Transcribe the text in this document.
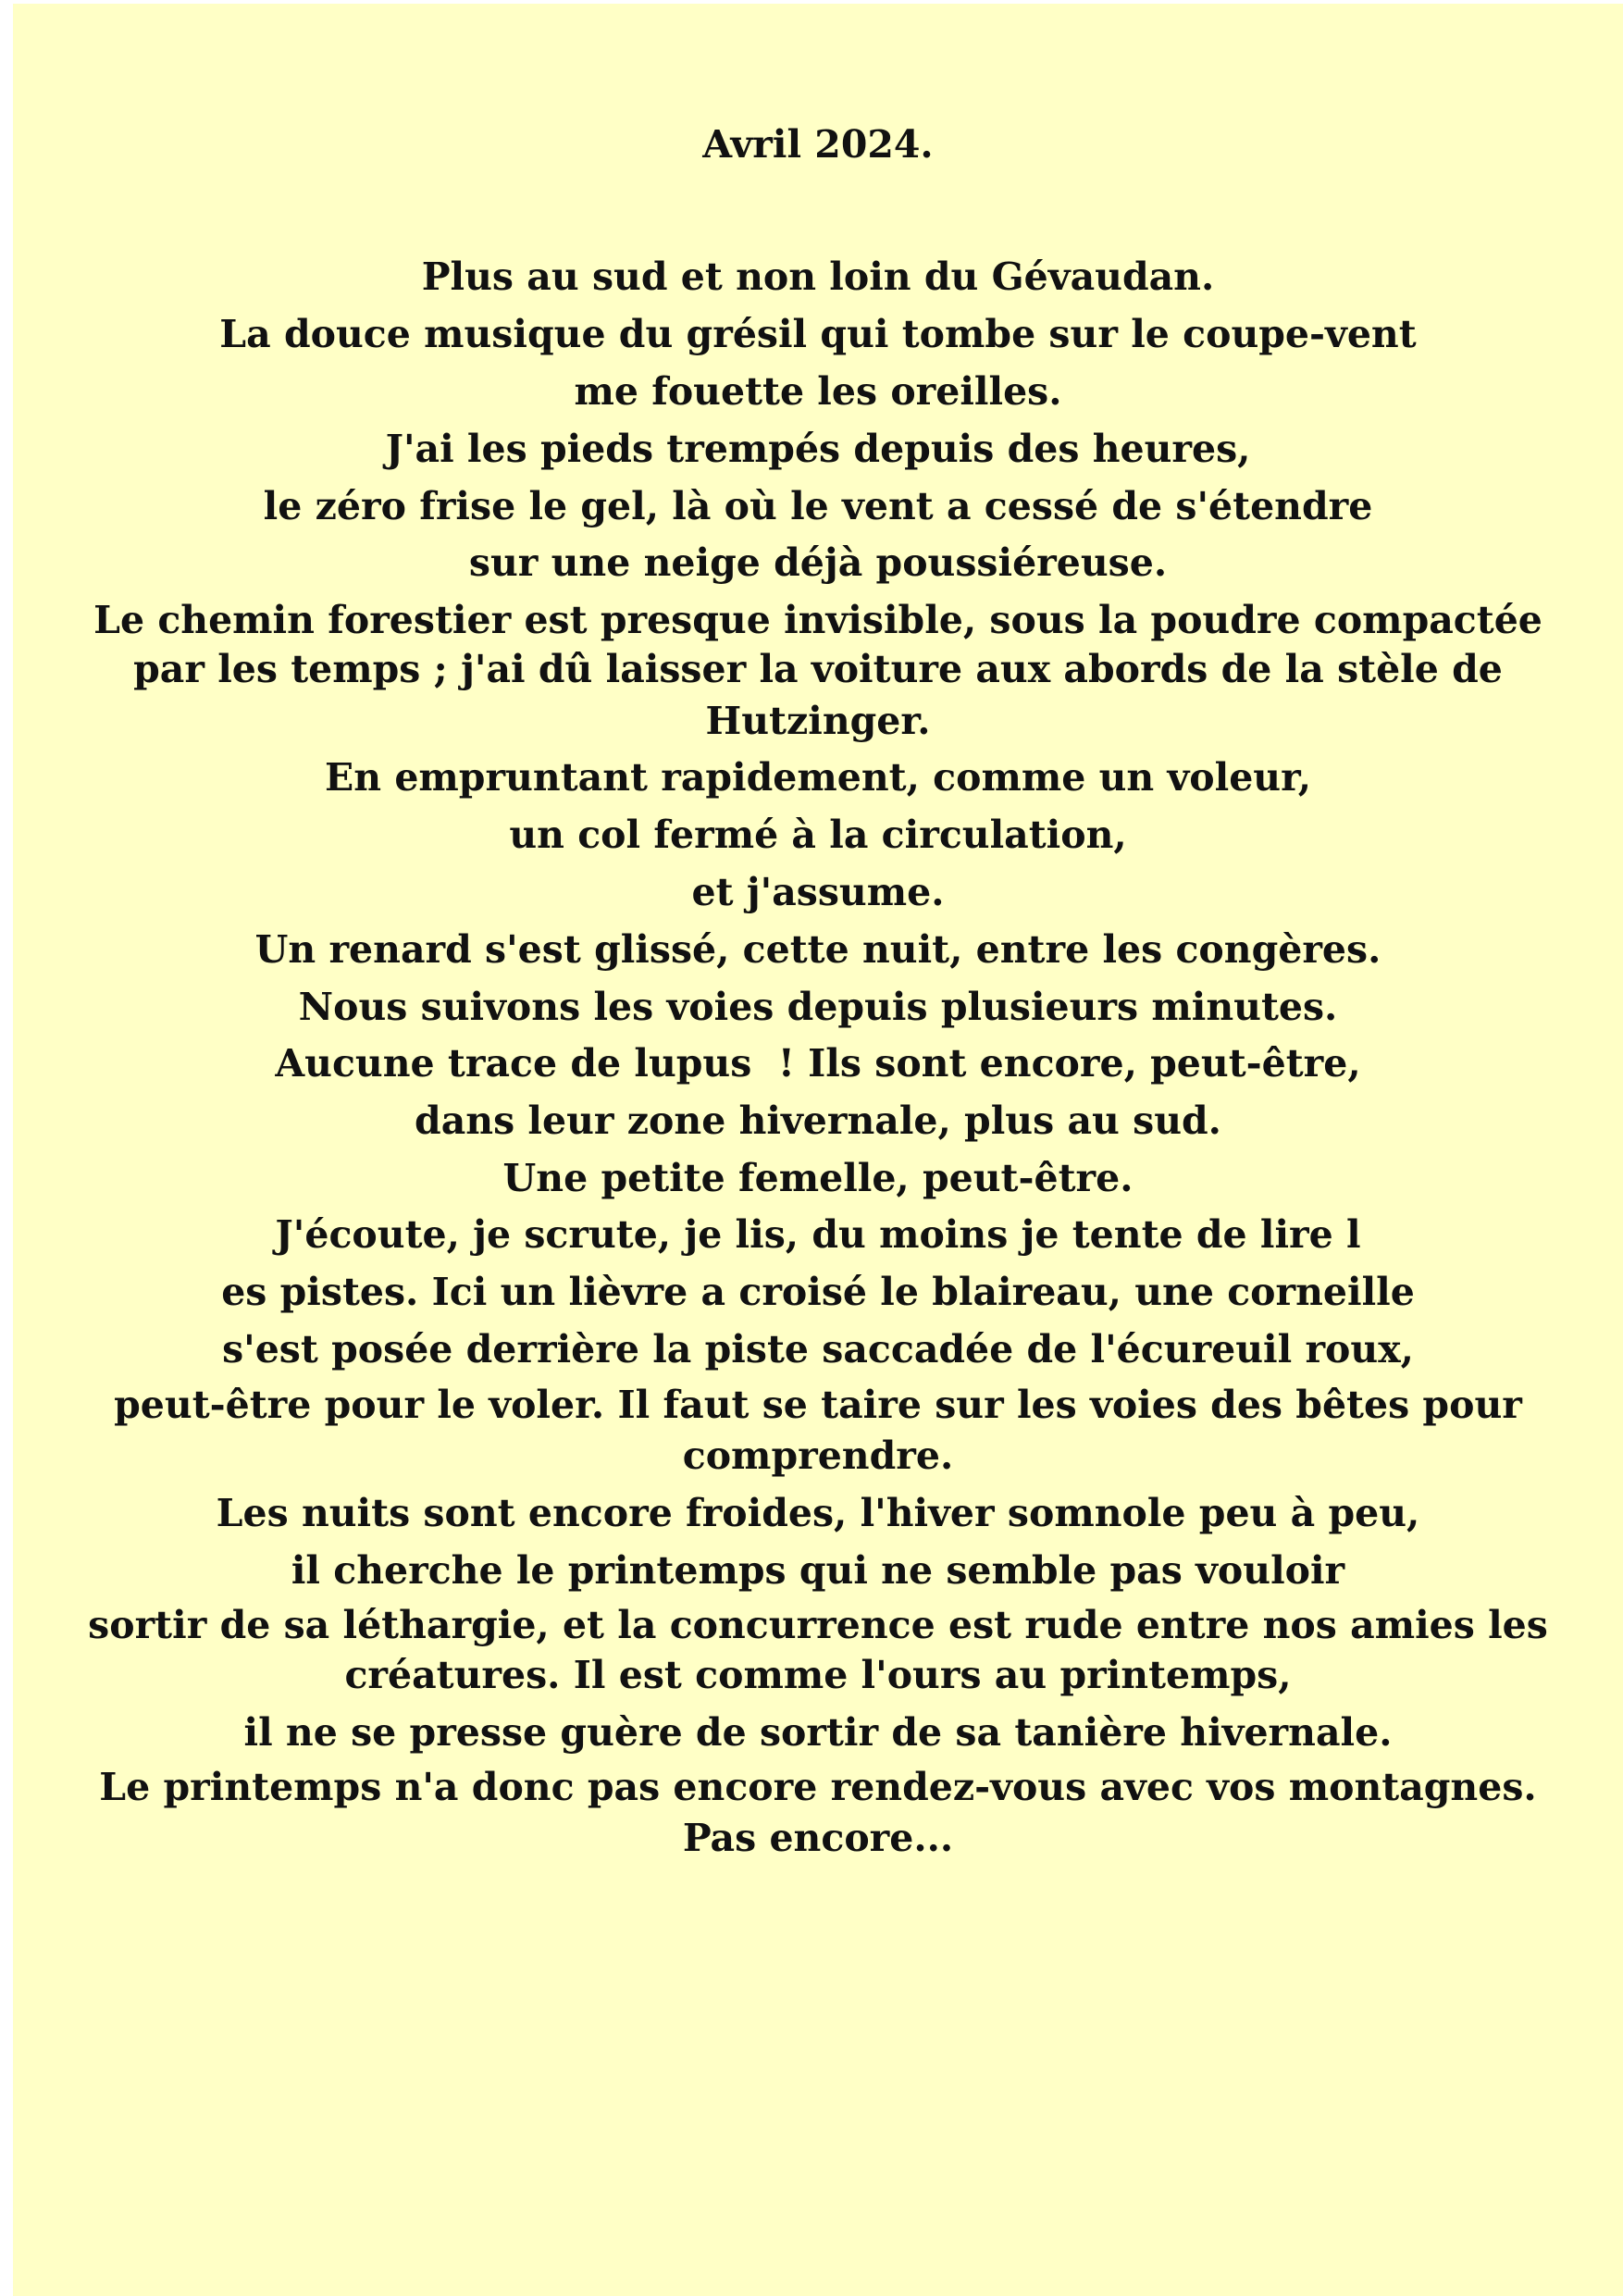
Avril 2024.
Plus au sud et non loin du Gévaudan.
La douce musique du grésil qui tombe sur le coupe-vent
me fouette les oreilles.
J'ai les pieds trempés depuis des heures,
le zéro frise le gel, là où le vent a cessé de s'étendre
sur une neige déjà poussiéreuse.
Le chemin forestier est presque invisible, sous la poudre compactée
par les temps ; j'ai dû laisser la voiture aux abords de la stèle de
Hutzinger.
En empruntant rapidement, comme un voleur,
un col fermé à la circulation,
et j'assume.
Un renard s'est glissé, cette nuit, entre les congères.
Nous suivons les voies depuis plusieurs minutes.
Aucune trace de lupus  ! Ils sont encore, peut-être,
dans leur zone hivernale, plus au sud.
Une petite femelle, peut-être.
J'écoute, je scrute, je lis, du moins je tente de lire l
es pistes. Ici un lièvre a croisé le blaireau, une corneille
s'est posée derrière la piste saccadée de l'écureuil roux,
peut-être pour le voler. Il faut se taire sur les voies des bêtes pour
comprendre.
Les nuits sont encore froides, l'hiver somnole peu à peu,
il cherche le printemps qui ne semble pas vouloir
sortir de sa léthargie, et la concurrence est rude entre nos amies les
créatures. Il est comme l'ours au printemps,
il ne se presse guère de sortir de sa tanière hivernale.
Le printemps n'a donc pas encore rendez-vous avec vos montagnes.
Pas encore...
